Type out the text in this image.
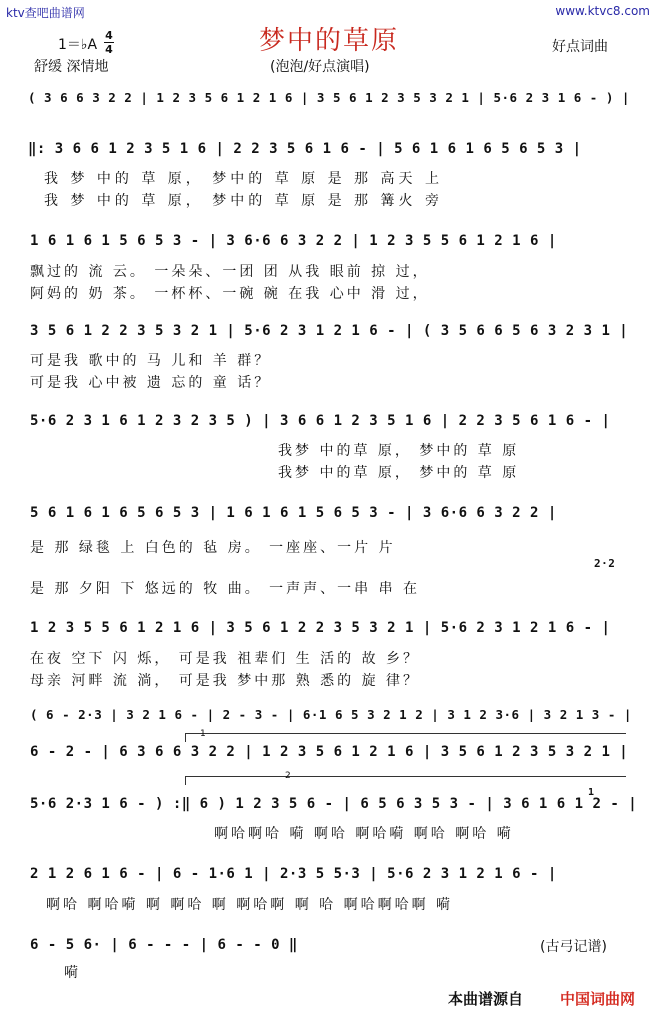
ktv查吧曲谱网	www.ktvc8.com
梦中的草原
1＝♭A
4
4
舒缓 深情地	(泡泡/好点演唱)
好点词曲
( 3 6 6 3 2 2 | 1 2 3 5 6 1 2 1 6 | 3 5 6 1 2 3 5 3 2 1 | 5·6 2 3 1 6 - ) |
‖: 3 6 6 1 2 3 5 1 6 | 2 2 3 5 6 1 6 - | 5 6 1 6 1 6 5 6 5 3 |
我 梦 中的 草 原， 梦中的 草 原 是 那 高天 上
我 梦 中的 草 原， 梦中的 草 原 是 那 篝火 旁
1 6 1 6 1 5 6 5 3 - | 3 6·6 6 3 2 2 | 1 2 3 5 5 6 1 2 1 6 |
飘过的 流 云。 一朵朵、一团 团 从我 眼前 掠 过，
阿妈的 奶 茶。 一杯杯、一碗 碗 在我 心中 滑 过，
3 5 6 1 2 2 3 5 3 2 1 | 5·6 2 3 1 2 1 6 - | ( 3 5 6 6 5 6 3 2 3 1 |
可是我 歌中的 马 儿和 羊 群？
可是我 心中被 遗 忘的 童 话？
5·6 2 3 1 6 1 2 3 2 3 5 ) | 3 6 6 1 2 3 5 1 6 | 2 2 3 5 6 1 6 - |
我梦 中的草 原， 梦中的 草 原
我梦 中的草 原， 梦中的 草 原
5 6 1 6 1 6 5 6 5 3 | 1 6 1 6 1 5 6 5 3 - | 3 6·6 6 3 2 2 |
是 那 绿毯 上 白色的 毡 房。 一座座、一片 片
2·2
是 那 夕阳 下 悠远的 牧 曲。 一声声、一串 串 在
1 2 3 5 5 6 1 2 1 6 | 3 5 6 1 2 2 3 5 3 2 1 | 5·6 2 3 1 2 1 6 - |
在夜 空下 闪 烁， 可是我 祖辈们 生 活的 故 乡？
母亲 河畔 流 淌， 可是我 梦中那 熟 悉的 旋 律？
( 6 - 2·3 | 3 2 1 6 - | 2 - 3 - | 6·1 6 5 3 2 1 2 | 3 1 2 3·6 | 3 2 1 3 - |
1
6 - 2 - | 6 3 6 6 3 2 2 | 1 2 3 5 6 1 2 1 6 | 3 5 6 1 2 3 5 3 2 1 |
2
5·6 2·3 1 6 - ) :‖ 6 ) 1 2 3 5 6 - | 6 5 6 3 5 3 - | 3 6 1 6 1 2 - |
1
啊哈啊哈 嗬 啊哈 啊哈嗬 啊哈 啊哈 嗬
2 1 2 6 1 6 - | 6 - 1·6 1 | 2·3 5 5·3 | 5·6 2 3 1 2 1 6 - |
啊哈 啊哈嗬 啊 啊哈 啊 啊哈啊 啊 哈 啊哈啊哈啊 嗬
6 - 5 6· | 6 - - - | 6 - - 0 ‖
嗬
(古弓记谱)
本曲谱源自 中国词曲网
